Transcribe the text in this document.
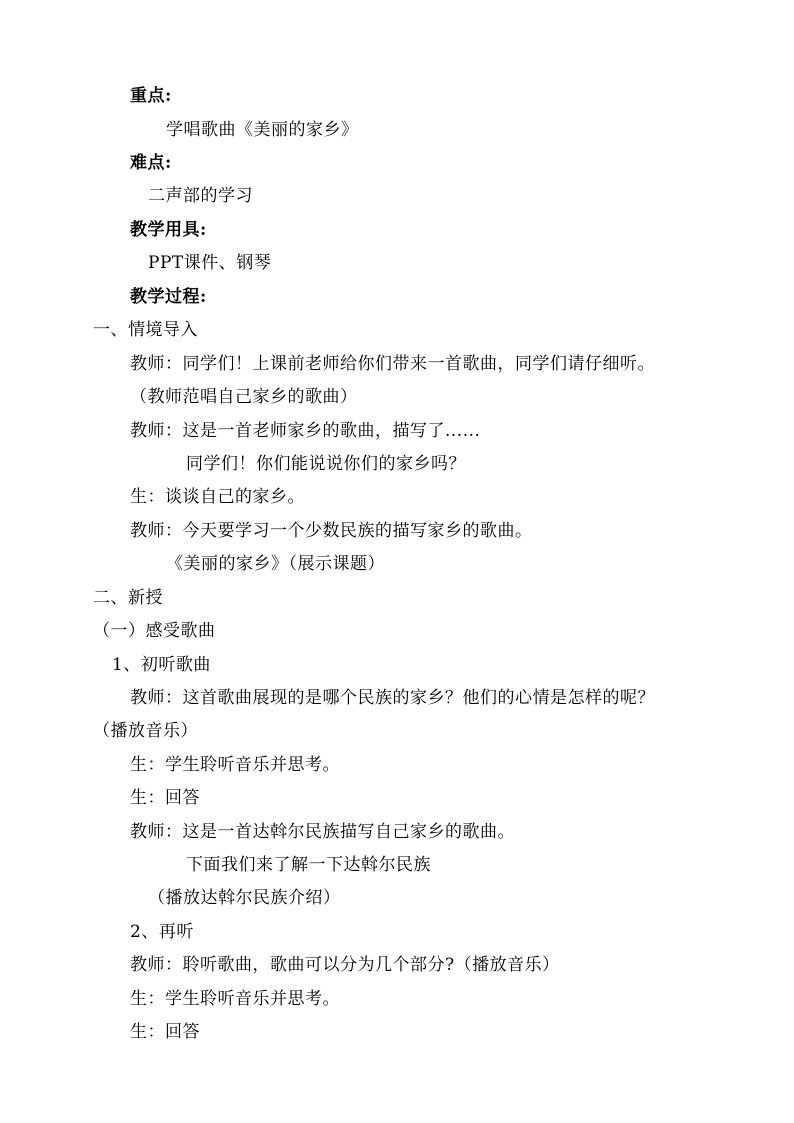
重点:
学唱歌曲《美丽的家乡》
难点:
二声部的学习
教学用具:
PPT课件、钢琴
教学过程:
一、情境导入
教师：同学们！上课前老师给你们带来一首歌曲，同学们请仔细听。
（教师范唱自己家乡的歌曲）
教师：这是一首老师家乡的歌曲，描写了......
同学们！你们能说说你们的家乡吗？
生：谈谈自己的家乡。
教师：今天要学习一个少数民族的描写家乡的歌曲。
《美丽的家乡》（展示课题）
二、新授
（一）感受歌曲
1、初听歌曲
教师：这首歌曲展现的是哪个民族的家乡？他们的心情是怎样的呢？
（播放音乐）
生：学生聆听音乐并思考。
生：回答
教师：这是一首达斡尔民族描写自己家乡的歌曲。
下面我们来了解一下达斡尔民族
（播放达斡尔民族介绍）
2、再听
教师：聆听歌曲，歌曲可以分为几个部分?（播放音乐）
生：学生聆听音乐并思考。
生：回答
